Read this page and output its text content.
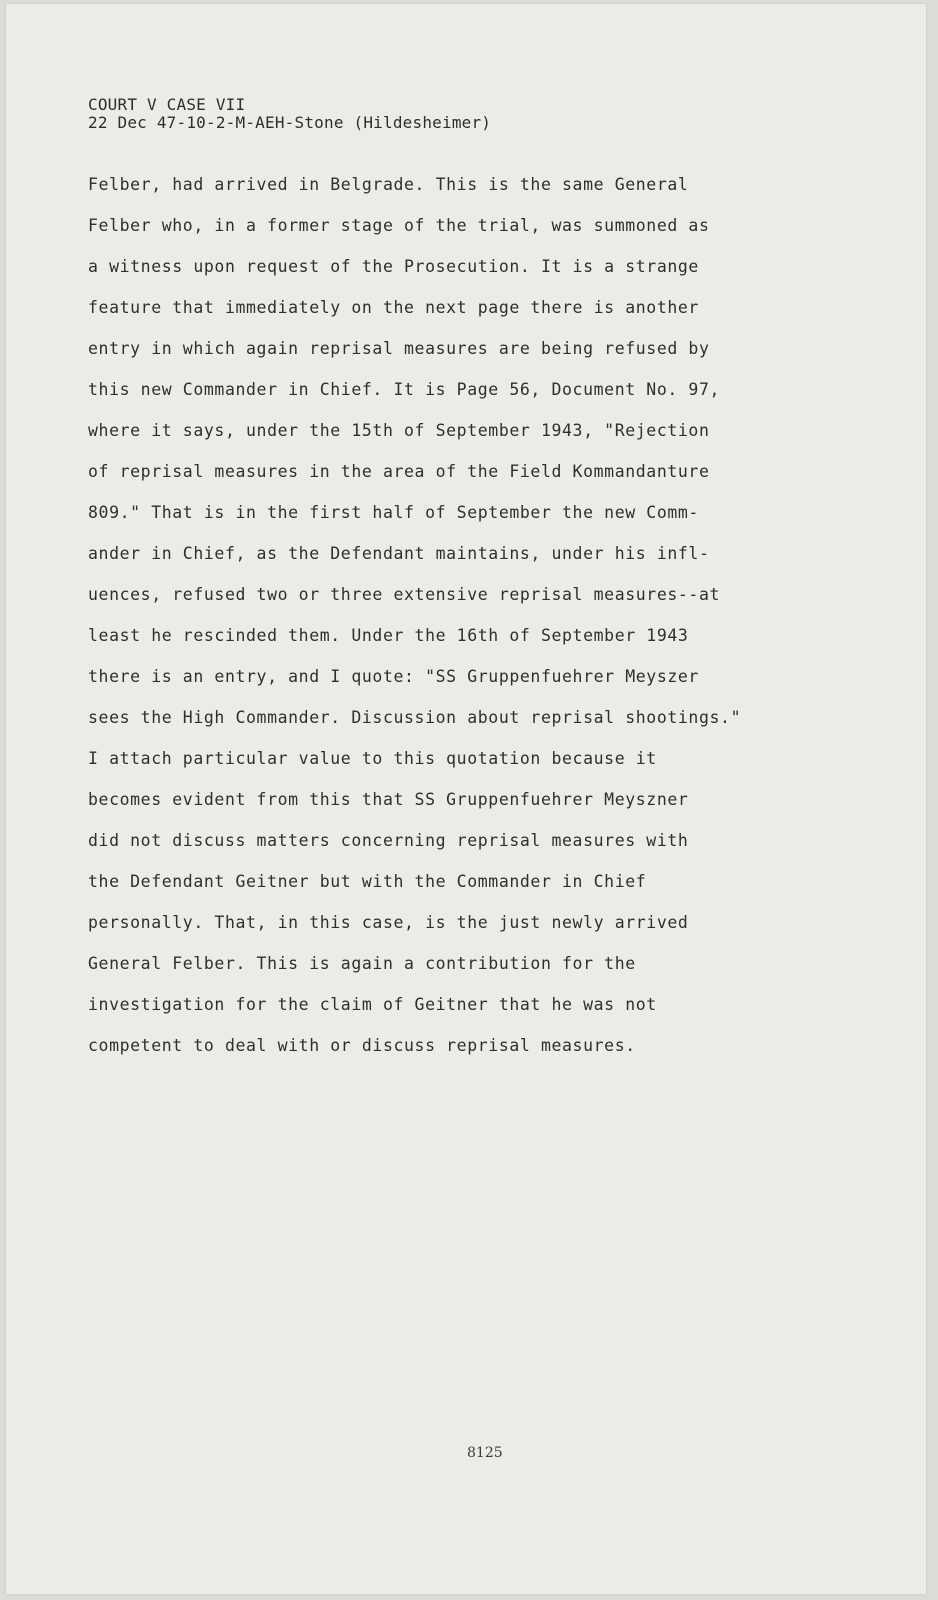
COURT V CASE VII
22 Dec 47-10-2-M-AEH-Stone (Hildesheimer)
Felber, had arrived in Belgrade. This is the same General
Felber who, in a former stage of the trial, was summoned as
a witness upon request of the Prosecution. It is a strange
feature that immediately on the next page there is another
entry in which again reprisal measures are being refused by
this new Commander in Chief. It is Page 56, Document No. 97,
where it says, under the 15th of September 1943, "Rejection
of reprisal measures in the area of the Field Kommandanture
809." That is in the first half of September the new Comm-
ander in Chief, as the Defendant maintains, under his infl-
uences, refused two or three extensive reprisal measures--at
least he rescinded them. Under the 16th of September 1943
there is an entry, and I quote: "SS Gruppenfuehrer Meyszer
sees the High Commander. Discussion about reprisal shootings."
I attach particular value to this quotation because it
becomes evident from this that SS Gruppenfuehrer Meyszner
did not discuss matters concerning reprisal measures with
the Defendant Geitner but with the Commander in Chief
personally. That, in this case, is the just newly arrived
General Felber. This is again a contribution for the
investigation for the claim of Geitner that he was not
competent to deal with or discuss reprisal measures.
8125
